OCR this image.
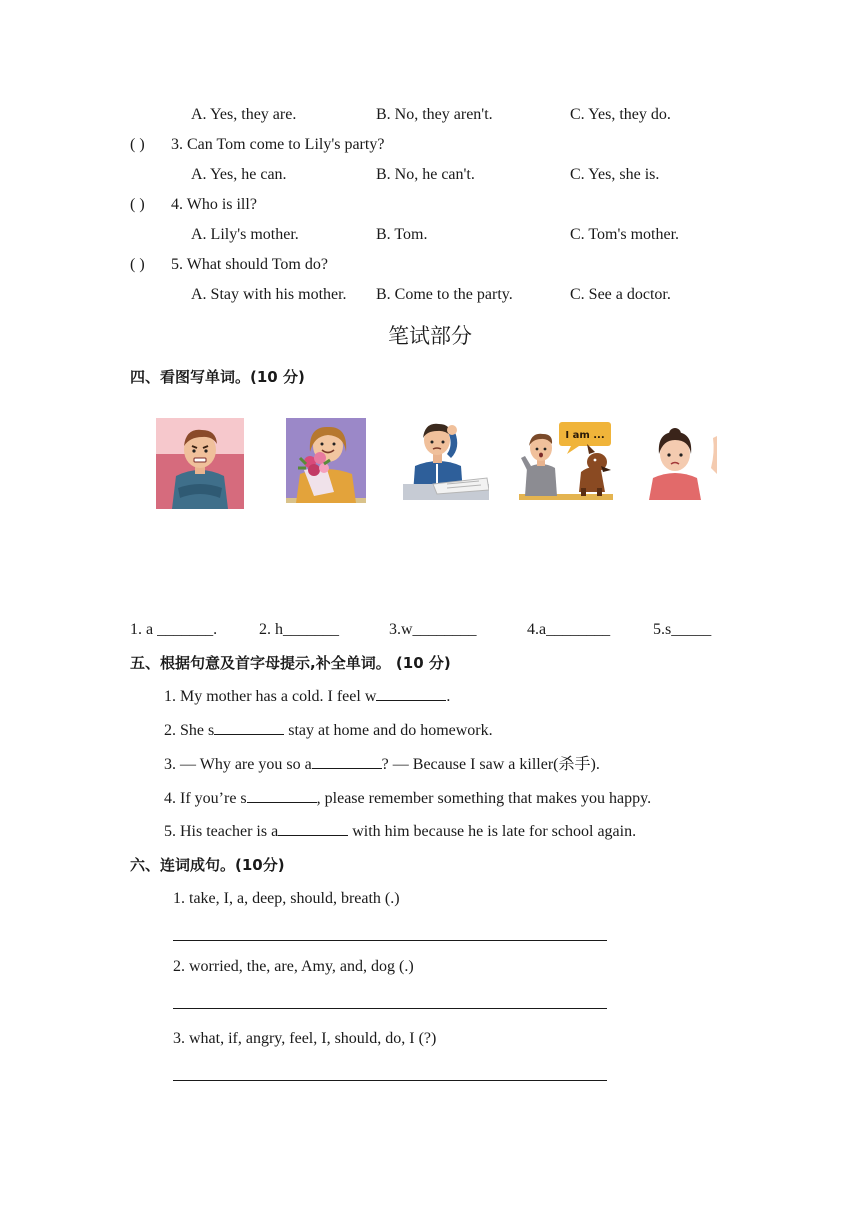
A. Yes, they are.	B. No, they aren't.	C. Yes, they do.
( ) 3. Can Tom come to Lily's party?
A. Yes, he can.	B. No, he can't.	C. Yes, she is.
( ) 4. Who is ill?
A. Lily's mother.	B. Tom.	C. Tom's mother.
( ) 5. What should Tom do?
A. Stay with his mother. B. Come to the party.	C. See a doctor.
笔试部分
四、看图写单词。(10 分)
I am ...
1. a _______.	2. h_______	3.w________	4.a________	5.s_____
五、根据句意及首字母提示,补全单词。 (10 分)
1. My mother has a cold. I feel w	.
2. She s	stay at home and do homework.
3. — Why are you so a	? — Because I saw a killer(杀手).
4. If you’re s	, please remember something that makes you happy.
5. His teacher is a	with him because he is late for school again.
六、连词成句。(10分)
1. take, I, a, deep, should, breath (.)
2. worried, the, are, Amy, and, dog (.)
3. what, if, angry, feel, I, should, do, I (?)
